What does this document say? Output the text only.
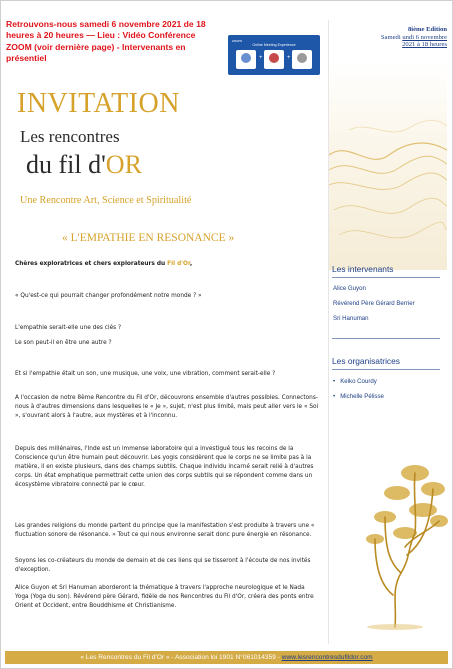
Retrouvons-nous samedi 6 novembre 2021 de 18 heures à 20 heures — Lieu : Vidéo Conférence ZOOM (voir dernière page) - Intervenants en présentiel
zoom
Online Meeting Experience
+	+
8ième Edition
Samedi undi 6 novembre
2021 à 18 heures
Les intervenants
Alice Guyon
Révérend Père Gérard Berrier
Sri Hanuman
Les organisatrices
•   Keiko Courdy
•   Michelle Pélisse
INVITATION
Les rencontres
du fil d'OR
Une Rencontre Art, Science et Spiritualité
« L'EMPATHIE EN RESONANCE »

Chères exploratrices et chers explorateurs du Fil d'Or,

« Qu'est-ce qui pourrait changer profondément notre monde ? »

L'empathie serait-elle une des clés ?

Le son peut-il en être une autre ?

Et si l'empathie était un son, une musique, une voix, une vibration, comment serait-elle ?

A l'occasion de notre 8ème Rencontre du Fil d'Or, découvrons ensemble d'autres possibles. Connectons-nous à d'autres dimensions dans lesquelles le « Je », sujet, n'est plus limité, mais peut aller vers le « Soi », s'ouvrant alors à l'autre, aux mystères et à l'inconnu.

Depuis des millénaires, l'Inde est un immense laboratoire qui a investigué tous les recoins de la Conscience qu'un être humain peut découvrir. Les yogis considèrent que le corps ne se limite pas à la matière, il en existe plusieurs, dans des champs subtils. Chaque individu incarné serait relié à d'autres corps. Un état emphatique permettrait cette union des corps subtils qui se répondent comme dans un écosystème vibratoire connecté par le cœur.

Les grandes religions du monde partent du principe que la manifestation s'est produite à travers une « fluctuation sonore de résonance. » Tout ce qui nous environne serait donc pure énergie en résonance.

Soyons les co-créateurs du monde de demain et de ces liens qui se tisseront à l'écoute de nos invités d'exception.

Alice Guyon et Sri Hanuman aborderont la thématique à travers l'approche neurologique et le Nada Yoga (Yoga du son). Révérend père Gérard, fidèle de nos Rencontres du Fil d'Or, créera des ponts entre Orient et Occident, entre Bouddhisme et Christianisme.

« Les Rencontres du Fil d'Or » - Association loi 1901 N°061014359 - www.lesrencontresdufildor.com
